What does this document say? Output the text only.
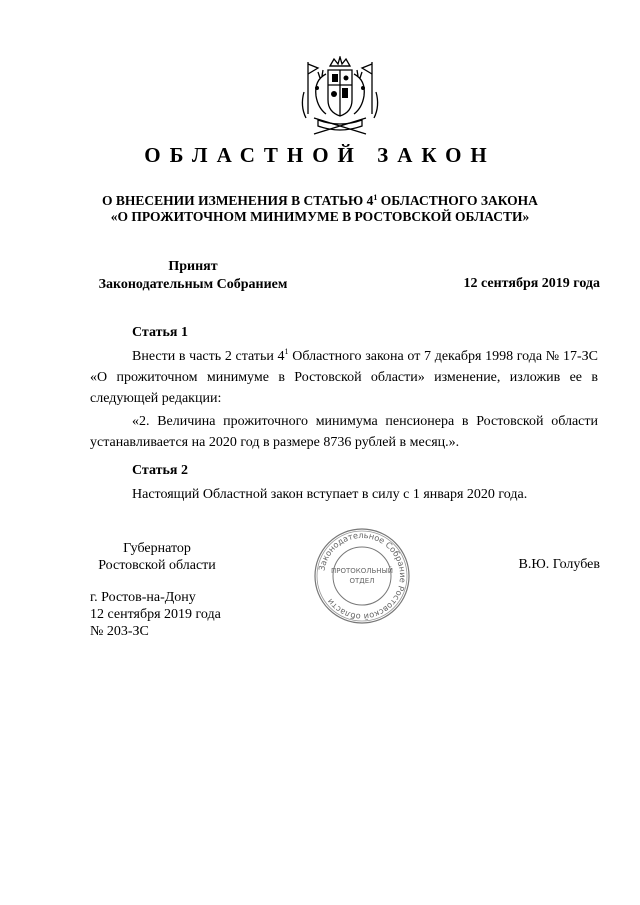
ОБЛАСТНОЙ ЗАКОН
О ВНЕСЕНИИ ИЗМЕНЕНИЯ В СТАТЬЮ $4^1$ ОБЛАСТНОГО ЗАКОНА
«О ПРОЖИТОЧНОМ МИНИМУМЕ В РОСТОВСКОЙ ОБЛАСТИ»
Принят
Законодательным Собранием	12 сентября 2019 года
Статья 1
Внести в часть 2 статьи $4^1$ Областного закона от 7 декабря 1998 года № 17-ЗС «О прожиточном минимуме в Ростовской области» изменение, изложив ее в следующей редакции:
«2. Величина прожиточного минимума пенсионера в Ростовской области устанавливается на 2020 год в размере 8736 рублей в месяц.».
Статья 2
Настоящий Областной закон вступает в силу с 1 января 2020 года.
Губернатор
Ростовской области	В.Ю. Голубев
г. Ростов-на-Дону
12 сентября 2019 года
№ 203-ЗС
Законодательное Собрание Ростовской области
ПРОТОКОЛЬНЫЙ
ОТДЕЛ
